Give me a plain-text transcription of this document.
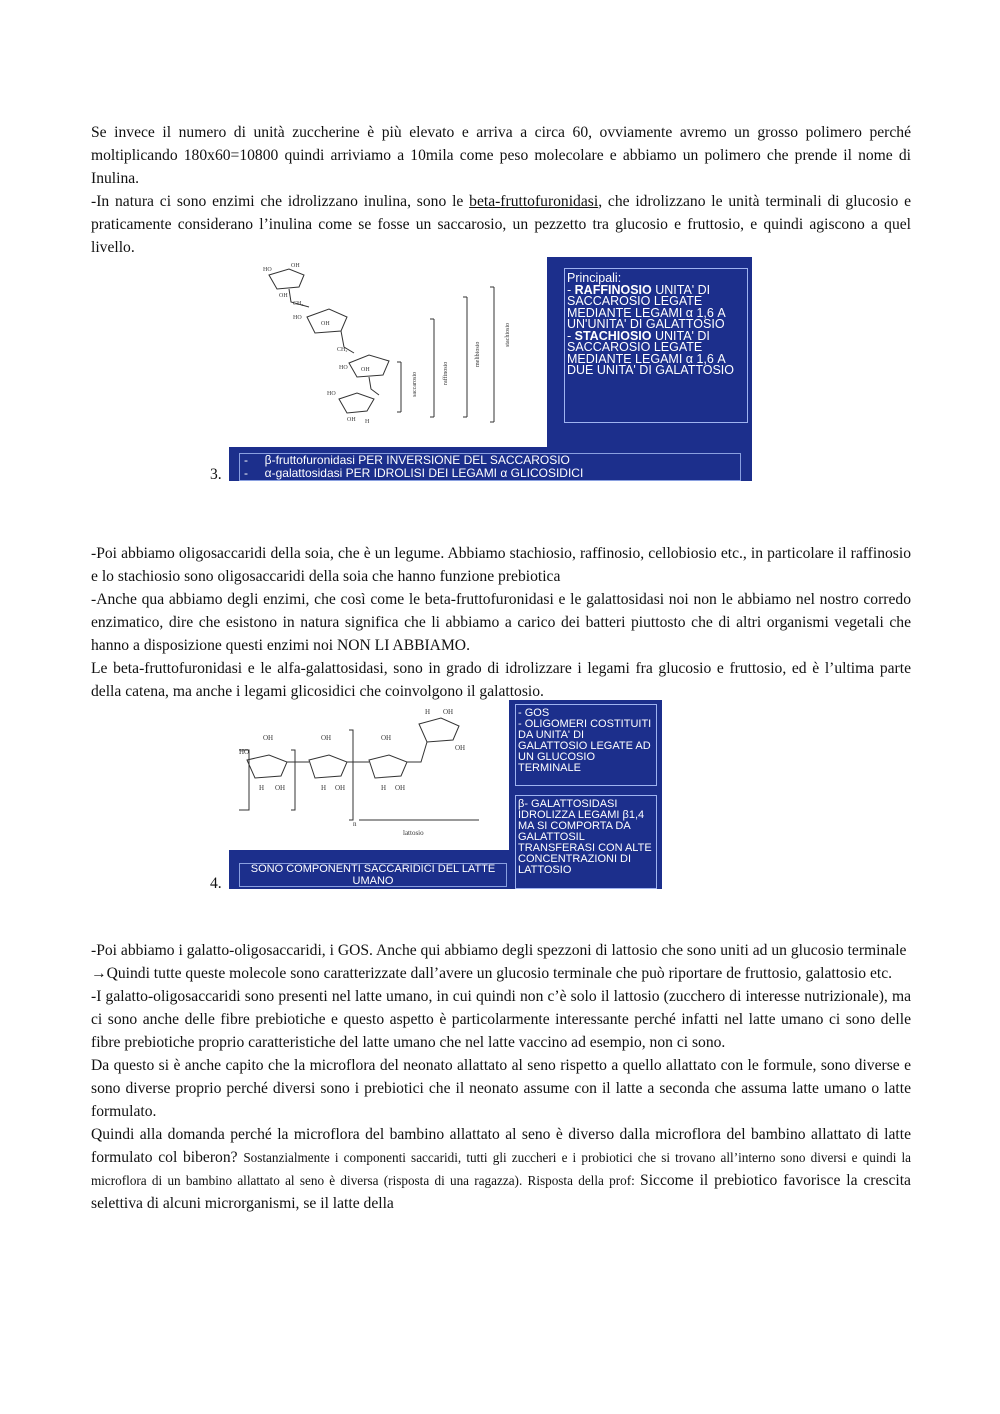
Se invece il numero di unità zuccherine è più elevato e arriva a circa 60, ovviamente avremo un grosso polimero perché moltiplicando 180x60=10800 quindi arriviamo a 10mila come peso molecolare e abbiamo un polimero che prende il nome di Inulina.

-In natura ci sono enzimi che idrolizzano inulina, sono le beta-fruttofuronidasi, che idrolizzano le unità terminali di glucosio e praticamente considerano l’inulina come se fosse un saccarosio, un pezzetto tra glucosio e fruttosio, e quindi agiscono a quel livello.

3.
HO
OH
OH
CH₂
HO
OH
CH₂
HO OH
HO
OH H
saccarosio	raffinosio
melibiosio
stachiosio
Principali:
- RAFFINOSIO UNITA' DI SACCAROSIO LEGATE MEDIANTE LEGAMI α 1,6 A UN'UNITA' DI GALATTOSIO
- STACHIOSIO UNITA' DI SACCAROSIO LEGATE MEDIANTE LEGAMI α 1,6 A DUE UNITA' DI GALATTOSIO
-     β-fruttofuronidasi PER INVERSIONE DEL SACCAROSIO
-     α-galattosidasi PER IDROLISI DEI LEGAMI α GLICOSIDICI

-Poi abbiamo oligosaccaridi della soia, che è un legume. Abbiamo stachiosio, raffinosio, cellobiosio etc., in particolare il raffinosio e lo stachiosio sono oligosaccaridi della soia che hanno funzione prebiotica

-Anche qua abbiamo degli enzimi, che così come le beta-fruttofuronidasi e le galattosidasi noi non le abbiamo nel nostro corredo enzimatico, dire che esistono in natura significa che li abbiamo a carico dei batteri piuttosto che di altri organismi vegetali che hanno a disposizione questi enzimi noi NON LI ABBIAMO.

Le beta-fruttofuronidasi e le alfa-galattosidasi, sono in grado di idrolizzare i legami fra glucosio e fruttosio, ed è l’ultima parte della catena, ma anche i legami glicosidici che coinvolgono il galattosio.

4.
HO
OH
H OH
OH
H OH
OH
H OH
H OH
OH
n
lattosio
- GOS
- OLIGOMERI COSTITUITI DA UNITA' DI GALATTOSIO LEGATE AD UN GLUCOSIO TERMINALE
β- GALATTOSIDASI IDROLIZZA LEGAMI β1,4 MA SI COMPORTA DA GALATTOSIL TRANSFERASI CON ALTE CONCENTRAZIONI DI LATTOSIO
SONO COMPONENTI SACCARIDICI DEL LATTE UMANO

-Poi abbiamo i galatto-oligosaccaridi, i GOS. Anche qui abbiamo degli spezzoni di lattosio che sono uniti ad un glucosio terminale

→Quindi tutte queste molecole sono caratterizzate dall’avere un glucosio terminale che può riportare de fruttosio, galattosio etc.

-I galatto-oligosaccaridi sono presenti nel latte umano, in cui quindi non c’è solo il lattosio (zucchero di interesse nutrizionale), ma ci sono anche delle fibre prebiotiche e questo aspetto è particolarmente interessante perché infatti nel latte umano ci sono delle fibre prebiotiche proprio caratteristiche del latte umano che nel latte vaccino ad esempio, non ci sono.

Da questo si è anche capito che la microflora del neonato allattato al seno rispetto a quello allattato con le formule, sono diverse e sono diverse proprio perché diversi sono i prebiotici che il neonato assume con il latte a seconda che assuma latte umano o latte formulato.

Quindi alla domanda perché la microflora del bambino allattato al seno è diverso dalla microflora del bambino allattato di latte formulato col biberon? Sostanzialmente i componenti saccaridi, tutti gli zuccheri e i probiotici che si trovano all’interno sono diversi e quindi la microflora di un bambino allattato al seno è diversa (risposta di una ragazza). Risposta della prof: Siccome il prebiotico favorisce la crescita selettiva di alcuni microrganismi, se il latte della
